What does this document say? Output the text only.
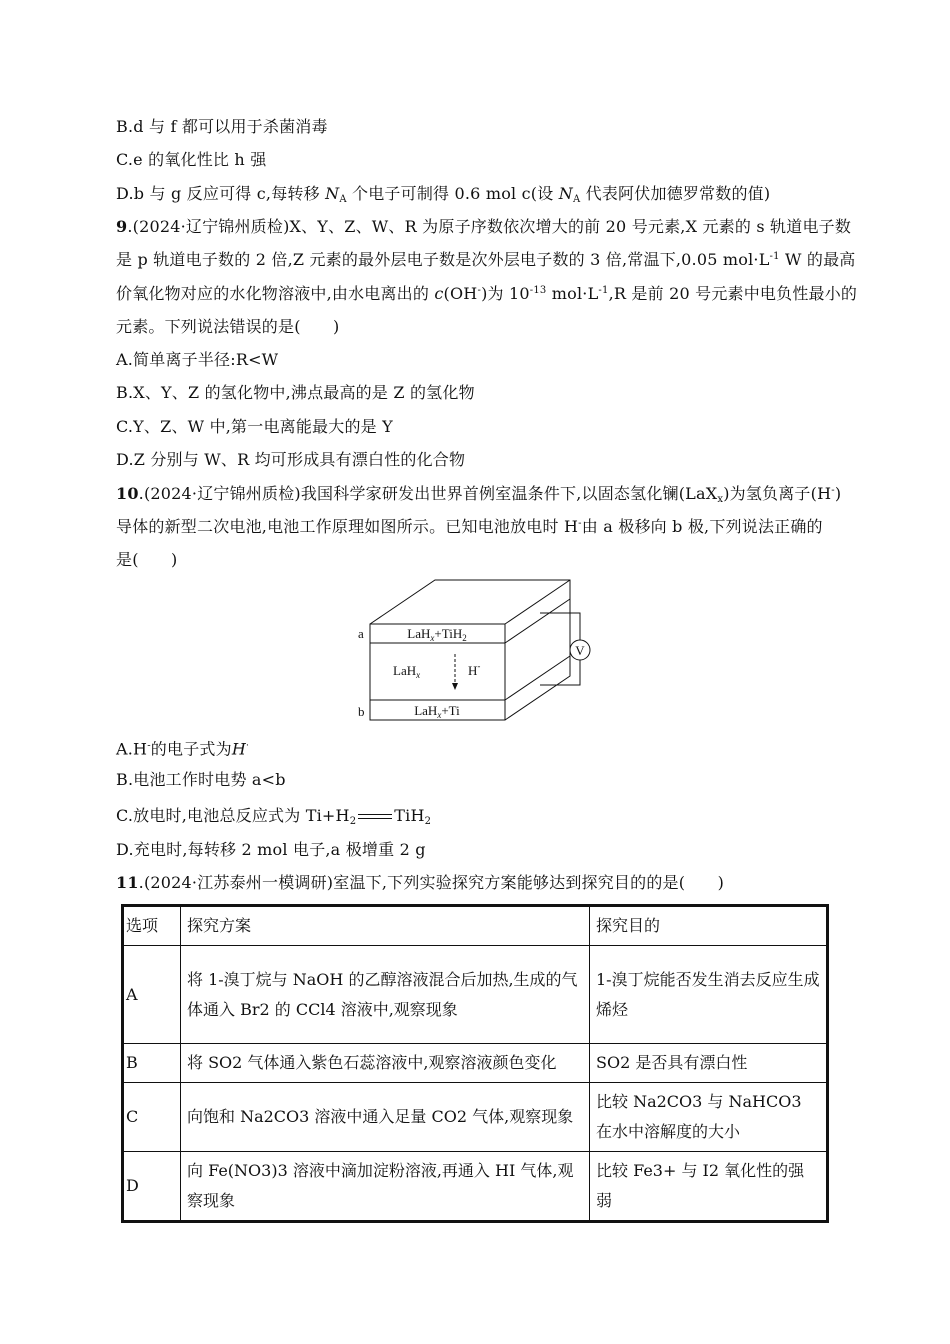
B.d 与 f 都可以用于杀菌消毒
C.e 的氧化性比 h 强
D.b 与 g 反应可得 c,每转移 $N_A$ 个电子可制得 0.6 mol c(设 $N_A$ 代表阿伏加德罗常数的值)
9.(2024·辽宁锦州质检)X、Y、Z、W、R 为原子序数依次增大的前 20 号元素,X 元素的 s 轨道电子数
是 p 轨道电子数的 2 倍,Z 元素的最外层电子数是次外层电子数的 3 倍,常温下,0.05 $mol\cdot L^{-1}$ W 的最高
价氧化物对应的水化物溶液中,由水电离出的 c(OH-)为 $10^{-13}$ $mol\cdot L^{-1},R$ 是前 20 号元素中电负性最小的
元素。下列说法错误的是(　　)
A.简单离子半径:R<W
B.X、Y、Z 的氢化物中,沸点最高的是 Z 的氢化物
C.Y、Z、W 中,第一电离能最大的是 Y
D.Z 分别与 W、R 均可形成具有漂白性的化合物
10.(2024·辽宁锦州质检)我国科学家研发出世界首例室温条件下,以固态氢化镧(LaX$_x$)为氢负离子(H-)
导体的新型二次电池,电池工作原理如图所示。已知电池放电时 H-由 a 极移向 b 极,下列说法正确的
是(　　)
V
a
b
LaH$_x$+TiH$_2$
LaH$_x$	H-
LaH$_x$+Ti
A.H-的电子式为H·
B.电池工作时电势 a<b
C.放电时,电池总反应式为 $Ti+H_2$ TiH$_2$
D.充电时,每转移 2 mol 电子,a 极增重 2 g
11.(2024·江苏泰州一模调研)室温下,下列实验探究方案能够达到探究目的的是(　　)
选项	探究方案	探究目的
A	将 1-溴丁烷与 NaOH 的乙醇溶液混合后加热,生成的气体通入 Br2 的 CCl4 溶液中,观察现象	1-溴丁烷能否发生消去反应生成烯烃
B	将 SO2 气体通入紫色石蕊溶液中,观察溶液颜色变化	SO2 是否具有漂白性
C	向饱和 Na2CO3 溶液中通入足量 CO2 气体,观察现象	比较 Na2CO3 与 NaHCO3 在水中溶解度的大小
D	向 Fe(NO3)3 溶液中滴加淀粉溶液,再通入 HI 气体,观察现象	比较 Fe3+ 与 I2 氧化性的强弱
